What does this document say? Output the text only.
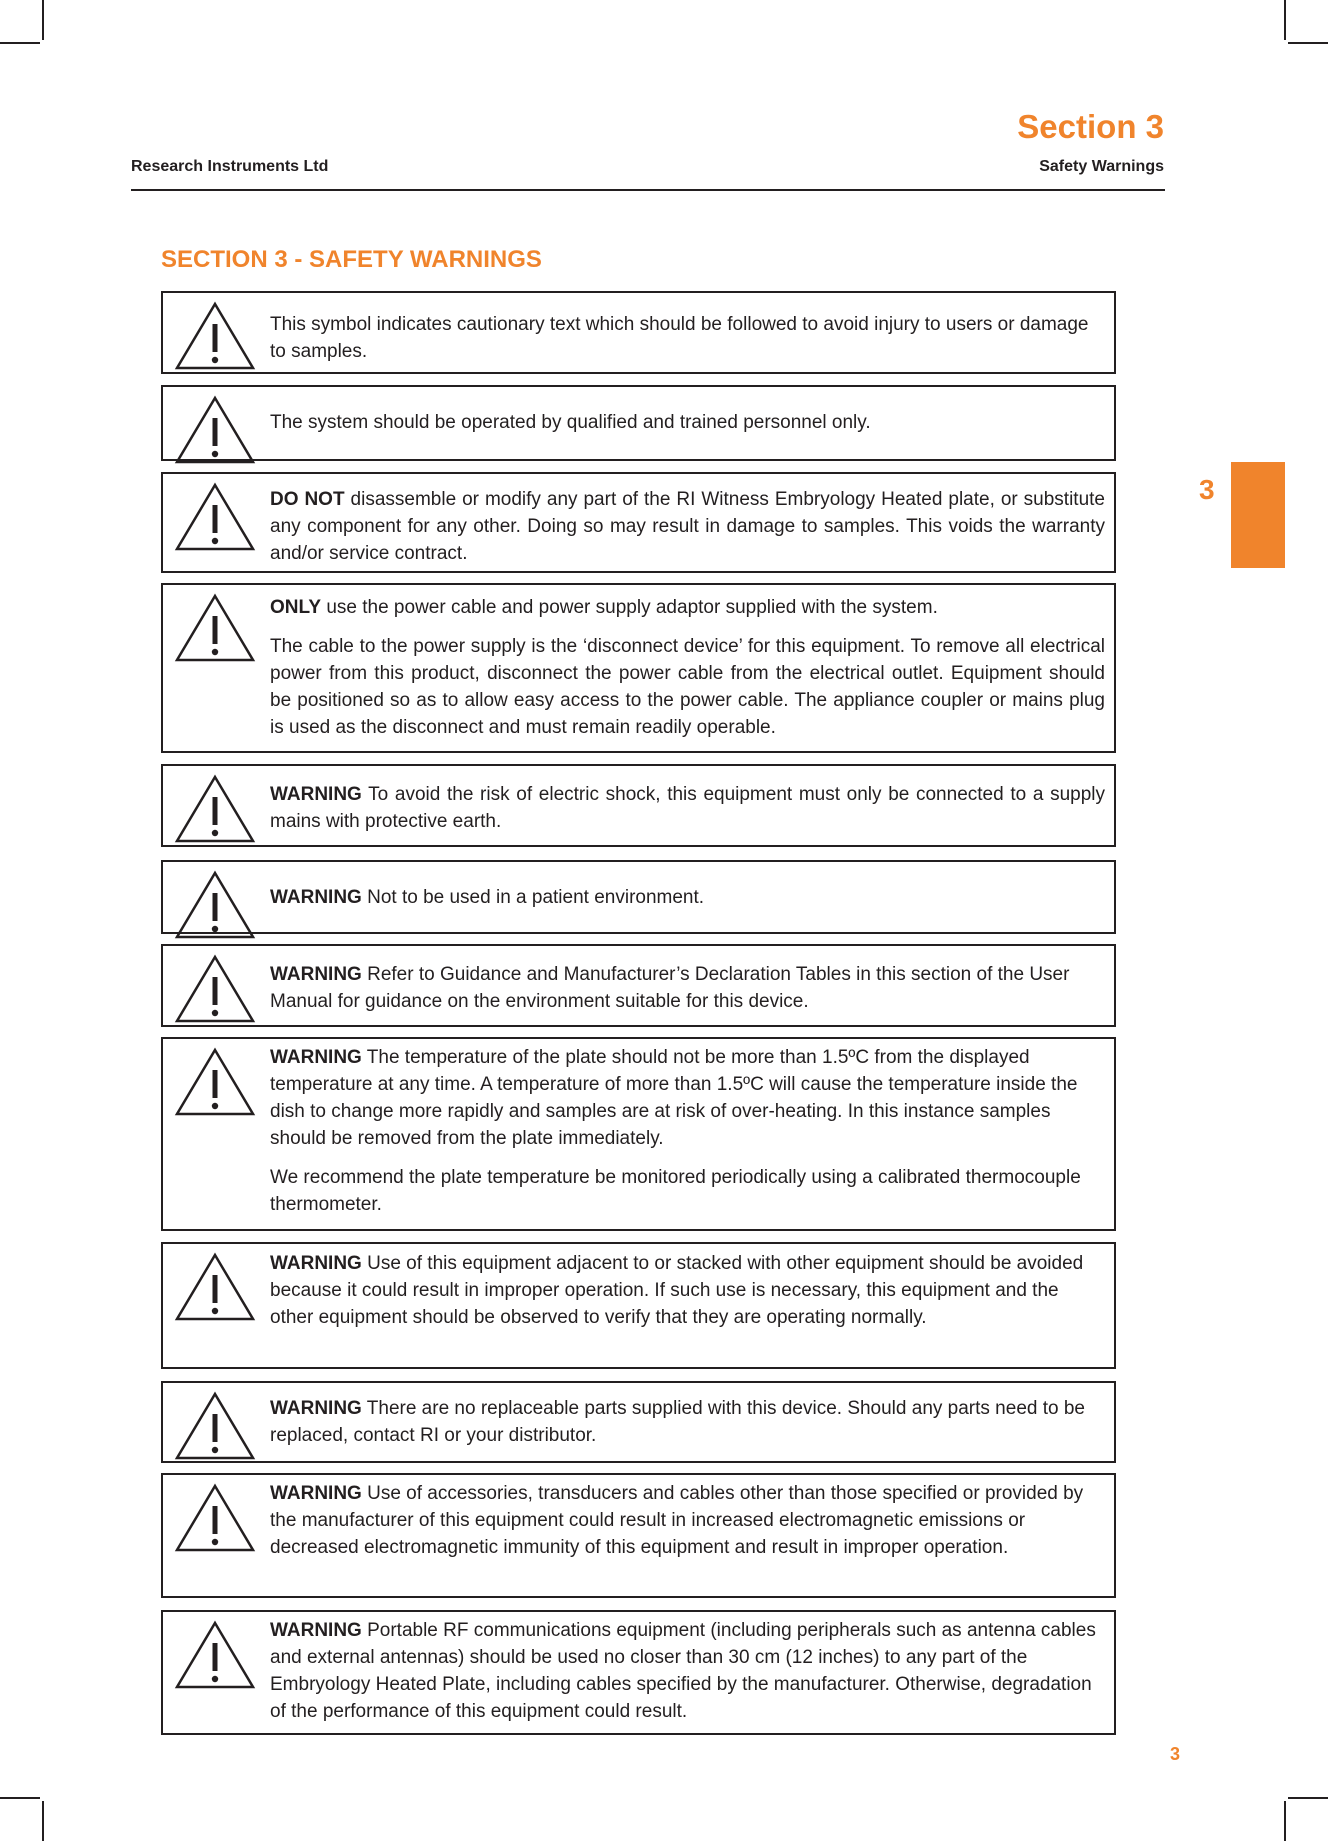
Research Instruments Ltd
Section 3
Safety Warnings
SECTION 3 - SAFETY WARNINGS
3

This symbol indicates cautionary text which should be followed to avoid injury to users or damage to samples.

The system should be operated by qualified and trained personnel only.

DO NOT disassemble or modify any part of the RI Witness Embryology Heated plate, or substitute any component for any other. Doing so may result in damage to samples. This voids the warranty and/or service contract.

ONLY use the power cable and power supply adaptor supplied with the system.

The cable to the power supply is the ‘disconnect device’ for this equipment. To remove all electrical power from this product, disconnect the power cable from the electrical outlet. Equipment should be positioned so as to allow easy access to the power cable. The appliance coupler or mains plug is used as the disconnect and must remain readily operable.

WARNING To avoid the risk of electric shock, this equipment must only be connected to a supply mains with protective earth.

WARNING Not to be used in a patient environment.

WARNING Refer to Guidance and Manufacturer’s Declaration Tables in this section of the User Manual for guidance on the environment suitable for this device.

WARNING The temperature of the plate should not be more than 1.5ºC from the displayed temperature at any time. A temperature of more than 1.5ºC will cause the temperature inside the dish to change more rapidly and samples are at risk of over-heating. In this instance samples should be removed from the plate immediately.

We recommend the plate temperature be monitored periodically using a calibrated thermocouple thermometer.

WARNING Use of this equipment adjacent to or stacked with other equipment should be avoided because it could result in improper operation. If such use is necessary, this equipment and the other equipment should be observed to verify that they are operating normally.

WARNING There are no replaceable parts supplied with this device. Should any parts need to be replaced, contact RI or your distributor.

WARNING Use of accessories, transducers and cables other than those specified or provided by the manufacturer of this equipment could result in increased electromagnetic emissions or decreased electromagnetic immunity of this equipment and result in improper operation.

WARNING Portable RF communications equipment (including peripherals such as antenna cables and external antennas) should be used no closer than 30 cm (12 inches) to any part of the Embryology Heated Plate, including cables specified by the manufacturer. Otherwise, degradation of the performance of this equipment could result.

3
